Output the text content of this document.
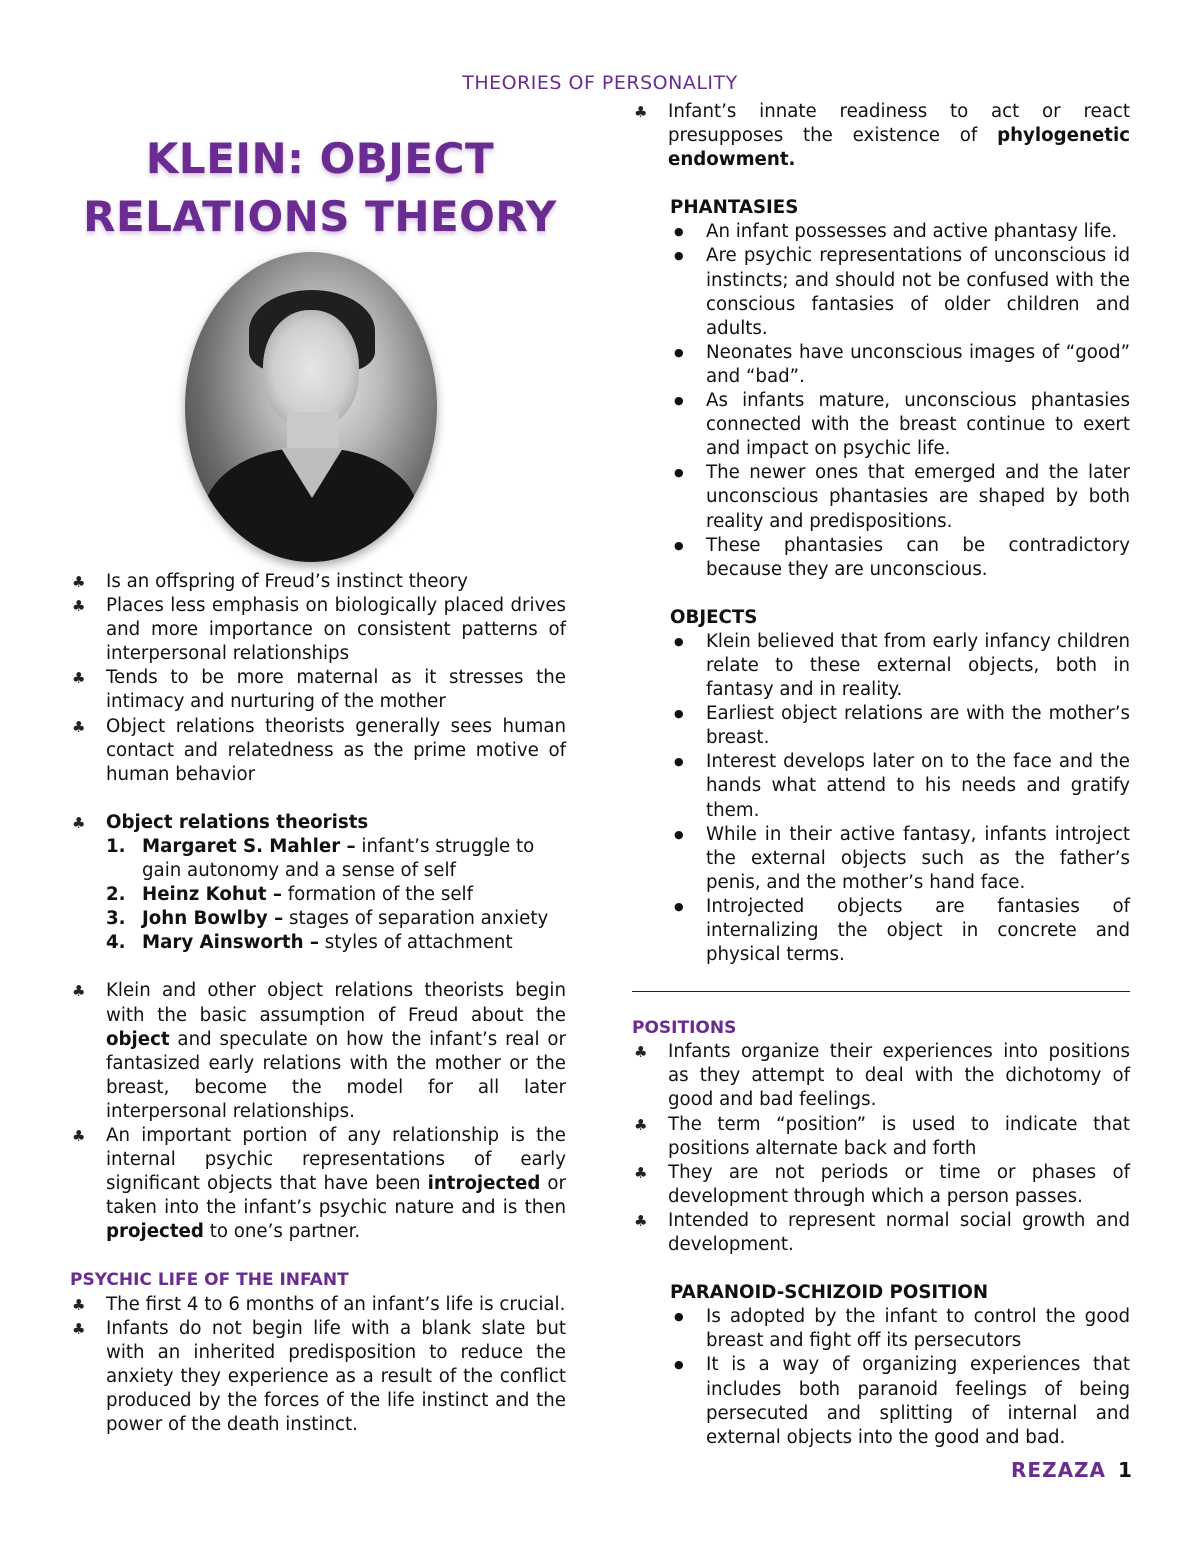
THEORIES OF PERSONALITY
KLEIN: OBJECT
RELATIONS THEORY
♣ Is an offspring of Freud’s instinct theory
♣ Places less emphasis on biologically placed drives and more importance on consistent patterns of interpersonal relationships
♣ Tends to be more maternal as it stresses the intimacy and nurturing of the mother
♣ Object relations theorists generally sees human contact and relatedness as the prime motive of human behavior
♣ Object relations theorists
1. Margaret S. Mahler – infant’s struggle to gain autonomy and a sense of self
2. Heinz Kohut – formation of the self
3. John Bowlby – stages of separation anxiety
4. Mary Ainsworth – styles of attachment
♣ Klein and other object relations theorists begin with the basic assumption of Freud about the object and speculate on how the infant’s real or fantasized early relations with the mother or the breast, become the model for all later interpersonal relationships.
♣ An important portion of any relationship is the internal psychic representations of early significant objects that have been introjected or taken into the infant’s psychic nature and is then projected to one’s partner.
PSYCHIC LIFE OF THE INFANT
♣ The first 4 to 6 months of an infant’s life is crucial.
♣ Infants do not begin life with a blank slate but with an inherited predisposition to reduce the anxiety they experience as a result of the conflict produced by the forces of the life instinct and the power of the death instinct.
♣ Infant’s innate readiness to act or react presupposes the existence of phylogenetic endowment.
PHANTASIES
● An infant possesses and active phantasy life.
● Are psychic representations of unconscious id instincts; and should not be confused with the conscious fantasies of older children and adults.
● Neonates have unconscious images of “good” and “bad”.
● As infants mature, unconscious phantasies connected with the breast continue to exert and impact on psychic life.
● The newer ones that emerged and the later unconscious phantasies are shaped by both reality and predispositions.
● These phantasies can be contradictory because they are unconscious.
OBJECTS
● Klein believed that from early infancy children relate to these external objects, both in fantasy and in reality.
● Earliest object relations are with the mother’s breast.
● Interest develops later on to the face and the hands what attend to his needs and gratify them.
● While in their active fantasy, infants introject the external objects such as the father’s penis, and the mother’s hand face.
● Introjected objects are fantasies of internalizing the object in concrete and physical terms.
POSITIONS
♣ Infants organize their experiences into positions as they attempt to deal with the dichotomy of good and bad feelings.
♣ The term “position” is used to indicate that positions alternate back and forth
♣ They are not periods or time or phases of development through which a person passes.
♣ Intended to represent normal social growth and development.
PARANOID-SCHIZOID POSITION
● Is adopted by the infant to control the good breast and fight off its persecutors
● It is a way of organizing experiences that includes both paranoid feelings of being persecuted and splitting of internal and external objects into the good and bad.
REZAZA 1
